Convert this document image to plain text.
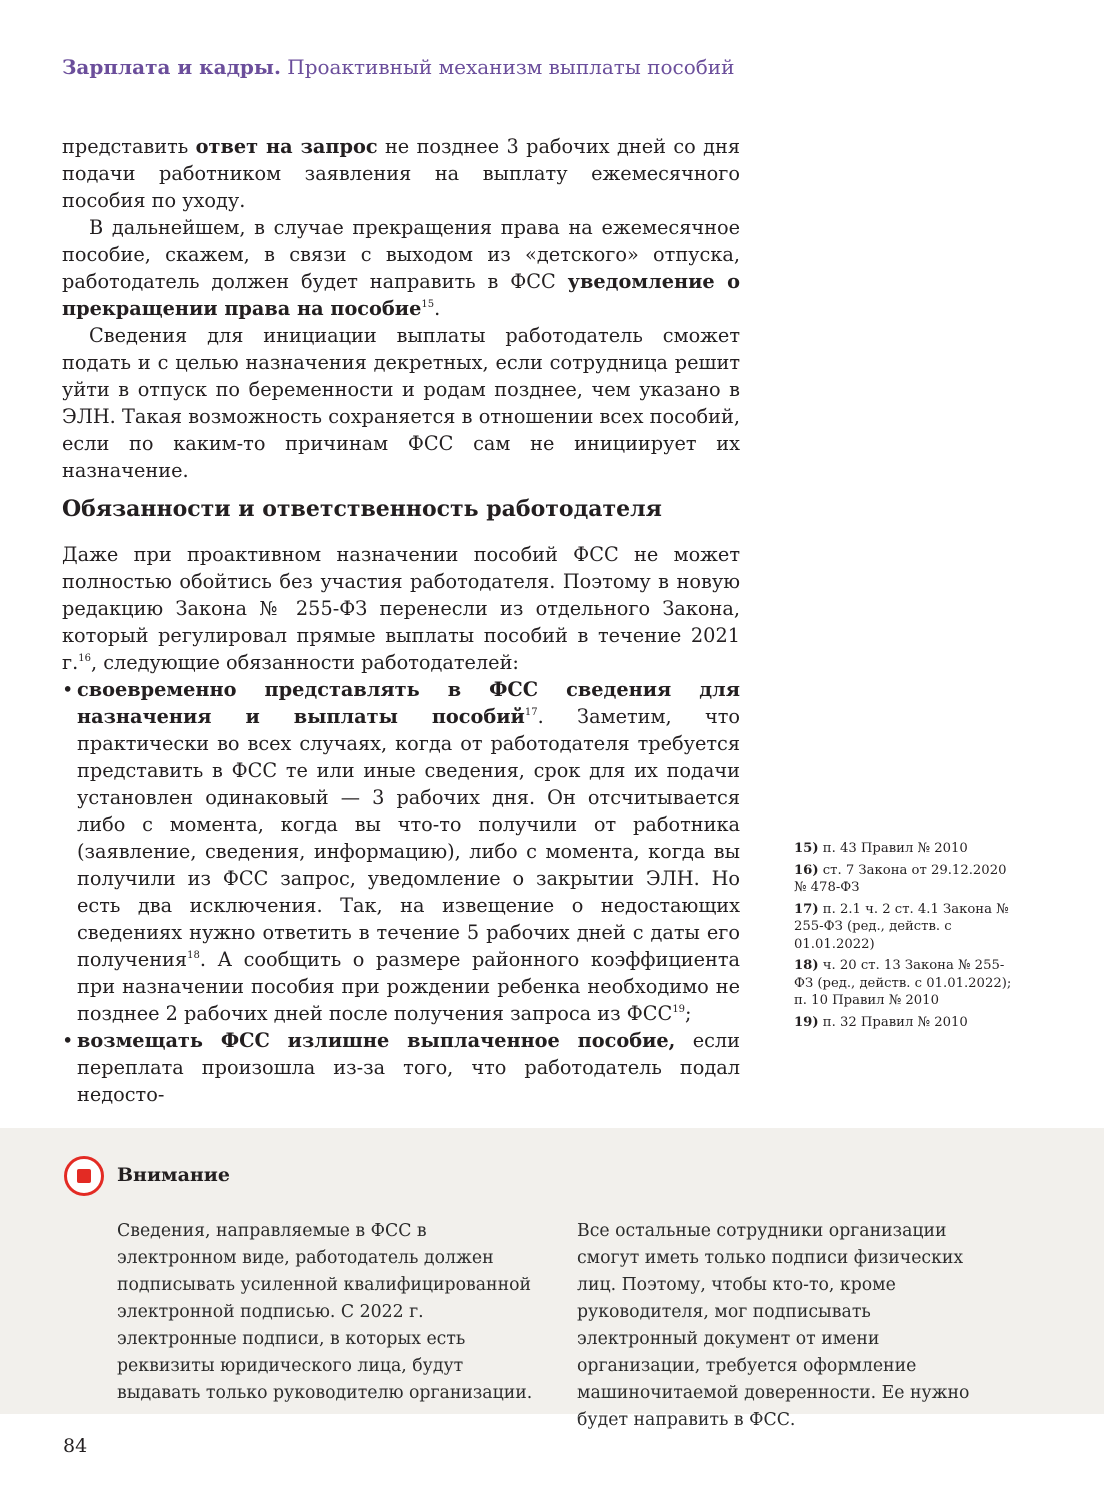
Зарплата и кадры. Проактивный механизм выплаты пособий

представить ответ на запрос не позднее 3 рабочих дней со дня подачи работником заявления на выплату ежемесячного пособия по уходу.

В дальнейшем, в случае прекращения права на ежемесячное пособие, скажем, в связи с выходом из «детского» отпуска, работодатель должен будет направить в ФСС уведомление о прекращении права на пособие$^{15}$.

Сведения для инициации выплаты работодатель сможет подать и с целью назначения декретных, если сотрудница решит уйти в отпуск по беременности и родам позднее, чем указано в ЭЛН. Такая возможность сохраняется в отношении всех пособий, если по каким-то причинам ФСС сам не инициирует их назначение.

Обязанности и ответственность работодателя

Даже при проактивном назначении пособий ФСС не может полностью обойтись без участия работодателя. Поэтому в новую редакцию Закона № 255-ФЗ перенесли из отдельного Закона, который регулировал прямые выплаты пособий в течение 2021 г.$^{16}$, следующие обязанности работодателей:

• своевременно представлять в ФСС сведения для назначения и выплаты пособий$^{17}$. Заметим, что практически во всех случаях, когда от работодателя требуется представить в ФСС те или иные сведения, срок для их подачи установлен одинаковый — 3 рабочих дня. Он отсчитывается либо с момента, когда вы что-то получили от работника (заявление, сведения, информацию), либо с момента, когда вы получили из ФСС запрос, уведомление о закрытии ЭЛН. Но есть два исключения. Так, на извещение о недостающих сведениях нужно ответить в течение 5 рабочих дней с даты его получения$^{18}$. А сообщить о размере районного коэффициента при назначении пособия при рождении ребенка необходимо не позднее 2 рабочих дней после получения запроса из ФСС$^{19}$;
• возмещать ФСС излишне выплаченное пособие, если переплата произошла из-за того, что работодатель подал недосто-
15) п. 43 Правил № 2010
16) ст. 7 Закона от 29.12.2020 № 478-ФЗ
17) п. 2.1 ч. 2 ст. 4.1 Закона № 255-ФЗ (ред., действ. с 01.01.2022)
18) ч. 20 ст. 13 Закона № 255-ФЗ (ред., действ. с 01.01.2022); п. 10 Правил № 2010
19) п. 32 Правил № 2010
Внимание
Сведения, направляемые в ФСС в электронном виде, работодатель должен подписывать усиленной квалифицированной электронной подписью. С 2022 г. электронные подписи, в которых есть реквизиты юридического лица, будут выдавать только руководителю организации.
Все остальные сотрудники организации смогут иметь только подписи физических лиц. Поэтому, чтобы кто-то, кроме руководителя, мог подписывать электронный документ от имени организации, требуется оформление машиночитаемой доверенности. Ее нужно будет направить в ФСС.
84
